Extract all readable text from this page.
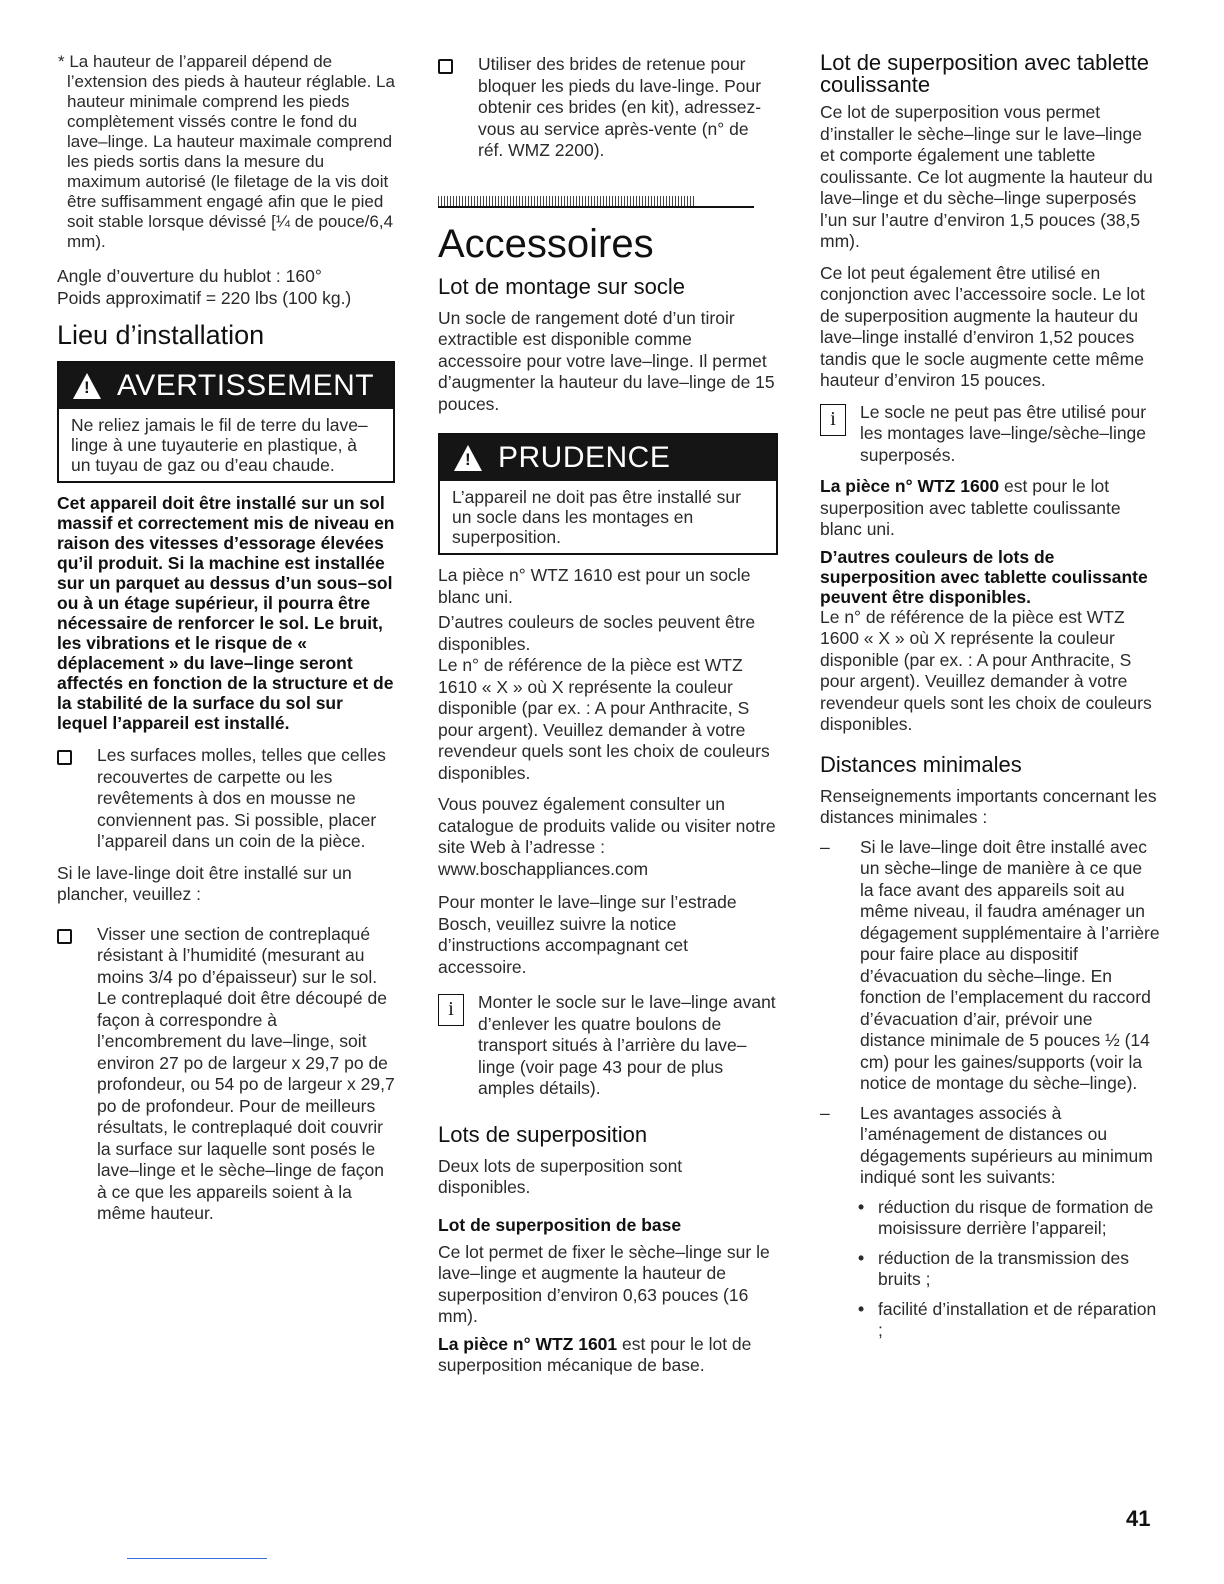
* La hauteur de l’appareil dépend de l’extension des pieds à hauteur réglable. La hauteur minimale comprend les pieds complètement vissés contre le fond du lave–linge. La hauteur maximale comprend les pieds sortis dans la mesure du maximum autorisé (le filetage de la vis doit être suffisamment engagé afin que le pied soit stable lorsque dévissé [¼ de pouce/6,4 mm).

Angle d’ouverture du hublot : 160°

Poids approximatif = 220 lbs (100 kg.)

Lieu d’installation
! AVERTISSEMENT

Ne reliez jamais le fil de terre du lave–linge à une tuyauterie en plastique, à un tuyau de gaz ou d’eau chaude.

Cet appareil doit être installé sur un sol massif et correctement mis de niveau en raison des vitesses d’essorage élevées qu’il produit. Si la machine est installée sur un parquet au dessus d’un sous–sol ou à un étage supérieur, il pourra être nécessaire de renforcer le sol. Le bruit, les vibrations et le risque de « déplacement » du lave–linge seront affectés en fonction de la structure et de la stabilité de la surface du sol sur lequel l’appareil est installé.

Les surfaces molles, telles que celles recouvertes de carpette ou les revêtements à dos en mousse ne conviennent pas. Si possible, placer l’appareil dans un coin de la pièce.

Si le lave-linge doit être installé sur un plancher, veuillez :

Visser une section de contreplaqué résistant à l’humidité (mesurant au moins 3/4 po d’épaisseur) sur le sol. Le contreplaqué doit être découpé de façon à correspondre à l’encombrement du lave–linge, soit environ 27 po de largeur x 29,7 po de profondeur, ou 54 po de largeur x 29,7 po de profondeur. Pour de meilleurs résultats, le contreplaqué doit couvrir la surface sur laquelle sont posés le lave–linge et le sèche–linge de façon à ce que les appareils soient à la même hauteur.
Utiliser des brides de retenue pour bloquer les pieds du lave-linge. Pour obtenir ces brides (en kit), adressez-vous au service après-vente (n° de réf. WMZ 2200).
Accessoires
Lot de montage sur socle

Un socle de rangement doté d’un tiroir extractible est disponible comme accessoire pour votre lave–linge. Il permet d’augmenter la hauteur du lave–linge de 15 pouces.

! PRUDENCE

L’appareil ne doit pas être installé sur un socle dans les montages en superposition.

La pièce n° WTZ 1610 est pour un socle blanc uni.

D’autres couleurs de socles peuvent être disponibles.

Le n° de référence de la pièce est WTZ 1610 « X » où X représente la couleur disponible (par ex. : A pour Anthracite, S pour argent). Veuillez demander à votre revendeur quels sont les choix de couleurs disponibles.

Vous pouvez également consulter un catalogue de produits valide ou visiter notre site Web à l’adresse : www.boschappliances.com

Pour monter le lave–linge sur l’estrade Bosch, veuillez suivre la notice d’instructions accompagnant cet accessoire.

i	Monter le socle sur le lave–linge avant d’enlever les quatre boulons de transport situés à l’arrière du lave–linge (voir page 43 pour de plus amples détails).
Lots de superposition

Deux lots de superposition sont disponibles.

Lot de superposition de base

Ce lot permet de fixer le sèche–linge sur le lave–linge et augmente la hauteur de superposition d’environ 0,63 pouces (16 mm).

La pièce n° WTZ 1601 est pour le lot de superposition mécanique de base.

Lot de superposition avec tablette coulissante

Ce lot de superposition vous permet d’installer le sèche–linge sur le lave–linge et comporte également une tablette coulissante. Ce lot augmente la hauteur du lave–linge et du sèche–linge superposés l’un sur l’autre d’environ 1,5 pouces (38,5 mm).

Ce lot peut également être utilisé en conjonction avec l’accessoire socle. Le lot de superposition augmente la hauteur du lave–linge installé d’environ 1,52 pouces tandis que le socle augmente cette même hauteur d’environ 15 pouces.

i	Le socle ne peut pas être utilisé pour les montages lave–linge/sèche–linge superposés.

La pièce n° WTZ 1600 est pour le lot superposition avec tablette coulissante blanc uni.

D’autres couleurs de lots de superposition avec tablette coulissante peuvent être disponibles.

Le n° de référence de la pièce est WTZ 1600 « X » où X représente la couleur disponible (par ex. : A pour Anthracite, S pour argent). Veuillez demander à votre revendeur quels sont les choix de couleurs disponibles.

Distances minimales

Renseignements importants concernant les distances minimales :

–	Si le lave–linge doit être installé avec un sèche–linge de manière à ce que la face avant des appareils soit au même niveau, il faudra aménager un dégagement supplémentaire à l’arrière pour faire place au dispositif d’évacuation du sèche–linge. En fonction de l’emplacement du raccord d’évacuation d’air, prévoir une distance minimale de 5 pouces ½ (14 cm) pour les gaines/supports (voir la notice de montage du sèche–linge).
–	Les avantages associés à l’aménagement de distances ou dégagements supérieurs au minimum indiqué sont les suivants:
• réduction du risque de formation de moisissure derrière l’appareil;
• réduction de la transmission des bruits ;
• facilité d’installation et de réparation ;
41
